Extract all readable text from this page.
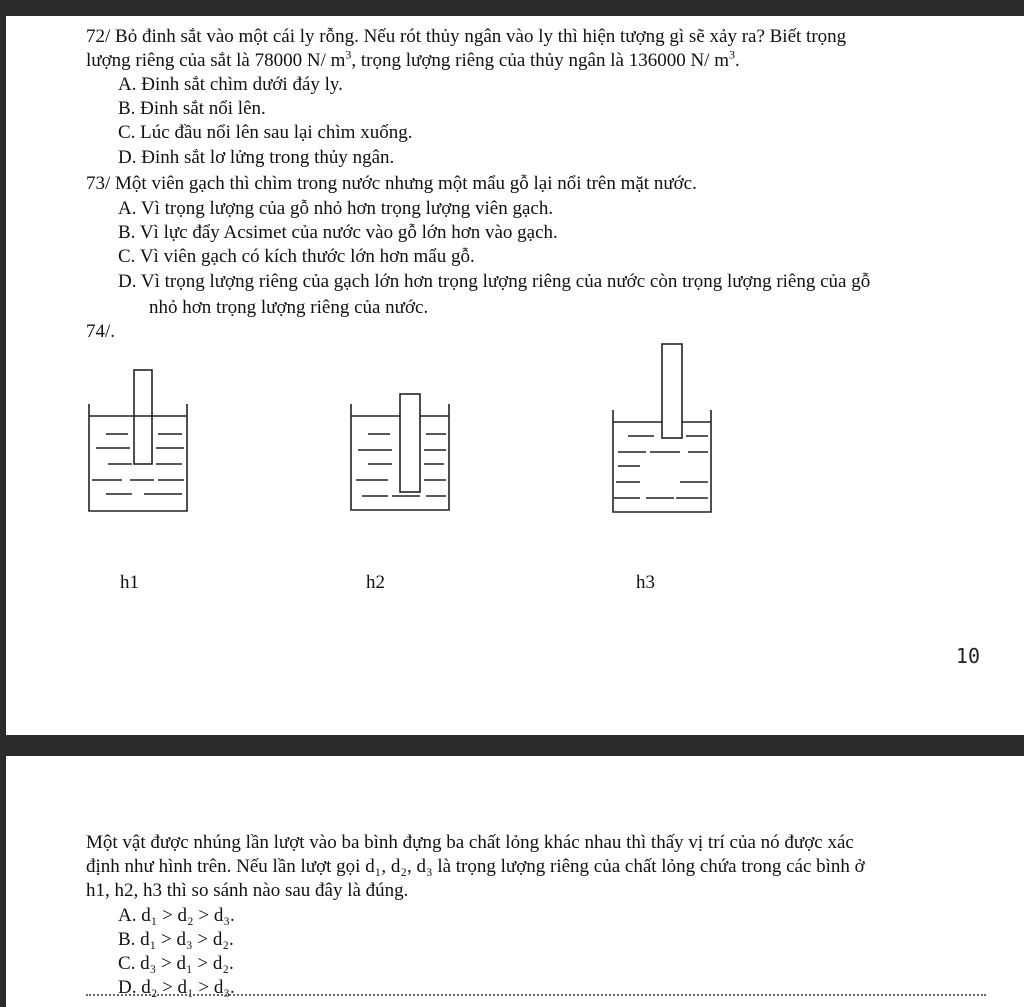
72/ Bỏ đinh sắt vào một cái ly rỗng. Nếu rót thủy ngân vào ly thì hiện tượng gì sẽ xảy ra? Biết trọng
lượng riêng của sắt là 78000 N/ $m^3$, trọng lượng riêng của thủy ngân là 136000 N/ $m^3$.
A. Đinh sắt chìm dưới đáy ly.
B. Đinh sắt nổi lên.
C. Lúc đầu nổi lên sau lại chìm xuống.
D. Đinh sắt lơ lửng trong thủy ngân.
73/ Một viên gạch thì chìm trong nước nhưng một mẩu gỗ lại nổi trên mặt nước.
A. Vì trọng lượng của gỗ nhỏ hơn trọng lượng viên gạch.
B. Vì lực đẩy Acsimet của nước vào gỗ lớn hơn vào gạch.
C. Vì viên gạch có kích thước lớn hơn mẩu gỗ.
D. Vì trọng lượng riêng của gạch lớn hơn trọng lượng riêng của nước còn trọng lượng riêng của gỗ
nhỏ hơn trọng lượng riêng của nước.
74/.
h1	h2	h3
10
Một vật được nhúng lần lượt vào ba bình đựng ba chất lỏng khác nhau thì thấy vị trí của nó được xác
định như hình trên. Nếu lần lượt gọi d₁, d₂, d₃ là trọng lượng riêng của chất lỏng chứa trong các bình ở
h1, h2, h3 thì so sánh nào sau đây là đúng.
A. d₁ > d₂ > d₃.
B. d₁ > d₃ > d₂.
C. d₃ > d₁ > d₂.
D. d₂ > d₁ > d₃.
